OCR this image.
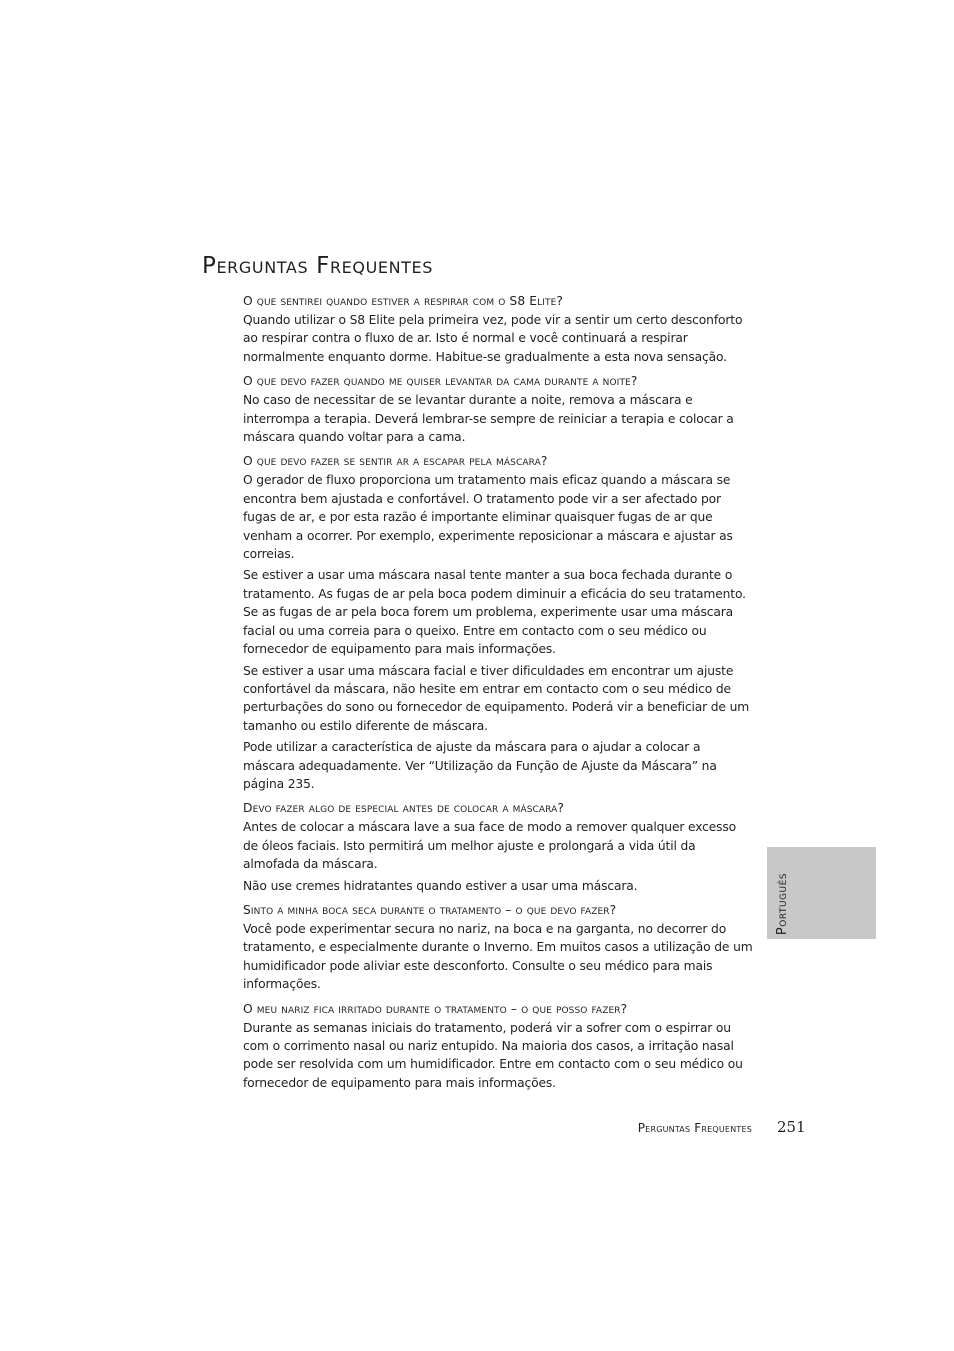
Perguntas Frequentes
O que sentirei quando estiver a respirar com o S8 Elite?

Quando utilizar o S8 Elite pela primeira vez, pode vir a sentir um certo desconforto ao respirar contra o fluxo de ar. Isto é normal e você continuará a respirar normalmente enquanto dorme. Habitue-se gradualmente a esta nova sensação.

O que devo fazer quando me quiser levantar da cama durante a noite?

No caso de necessitar de se levantar durante a noite, remova a máscara e interrompa a terapia. Deverá lembrar-se sempre de reiniciar a terapia e colocar a máscara quando voltar para a cama.

O que devo fazer se sentir ar a escapar pela máscara?

O gerador de fluxo proporciona um tratamento mais eficaz quando a máscara se encontra bem ajustada e confortável. O tratamento pode vir a ser afectado por fugas de ar, e por esta razão é importante eliminar quaisquer fugas de ar que venham a ocorrer. Por exemplo, experimente reposicionar a máscara e ajustar as correias.

Se estiver a usar uma máscara nasal tente manter a sua boca fechada durante o tratamento. As fugas de ar pela boca podem diminuir a eficácia do seu tratamento. Se as fugas de ar pela boca forem um problema, experimente usar uma máscara facial ou uma correia para o queixo. Entre em contacto com o seu médico ou fornecedor de equipamento para mais informações.

Se estiver a usar uma máscara facial e tiver dificuldades em encontrar um ajuste confortável da máscara, não hesite em entrar em contacto com o seu médico de perturbações do sono ou fornecedor de equipamento. Poderá vir a beneficiar de um tamanho ou estilo diferente de máscara.

Pode utilizar a característica de ajuste da máscara para o ajudar a colocar a máscara adequadamente. Ver “Utilização da Função de Ajuste da Máscara” na página 235.

Devo fazer algo de especial antes de colocar a máscara?

Antes de colocar a máscara lave a sua face de modo a remover qualquer excesso de óleos faciais. Isto permitirá um melhor ajuste e prolongará a vida útil da almofada da máscara.

Não use cremes hidratantes quando estiver a usar uma máscara.

Sinto a minha boca seca durante o tratamento – o que devo fazer?

Você pode experimentar secura no nariz, na boca e na garganta, no decorrer do tratamento, e especialmente durante o Inverno. Em muitos casos a utilização de um humidificador pode aliviar este desconforto. Consulte o seu médico para mais informações.

O meu nariz fica irritado durante o tratamento – o que posso fazer?

Durante as semanas iniciais do tratamento, poderá vir a sofrer com o espirrar ou com o corrimento nasal ou nariz entupido. Na maioria dos casos, a irritação nasal pode ser resolvida com um humidificador. Entre em contacto com o seu médico ou fornecedor de equipamento para mais informações.

Português
Perguntas Frequentes 251
